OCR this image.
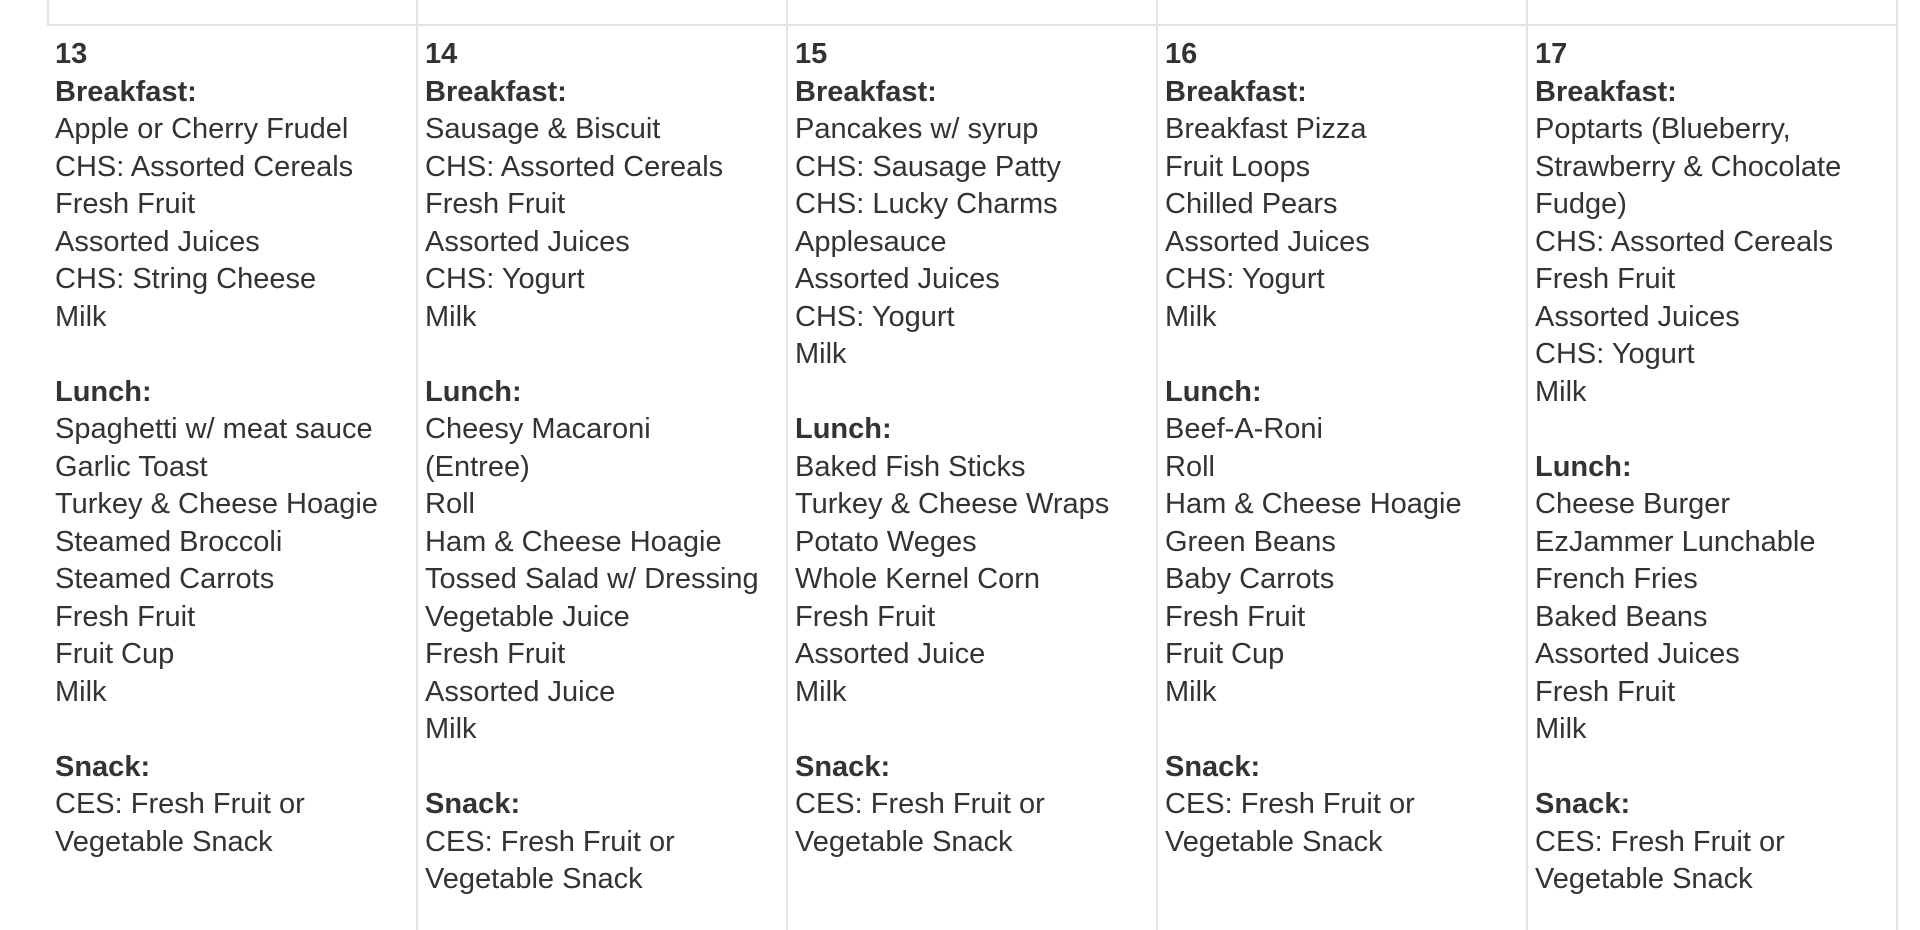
13
Breakfast:
Apple or Cherry Frudel
CHS: Assorted Cereals
Fresh Fruit
Assorted Juices
CHS: String Cheese
Milk
Lunch:
Spaghetti w/ meat sauce
Garlic Toast
Turkey & Cheese Hoagie
Steamed Broccoli
Steamed Carrots
Fresh Fruit
Fruit Cup
Milk
Snack:
CES: Fresh Fruit or Vegetable Snack
14
Breakfast:
Sausage & Biscuit
CHS: Assorted Cereals
Fresh Fruit
Assorted Juices
CHS: Yogurt
Milk
Lunch:
Cheesy Macaroni (Entree)
Roll
Ham & Cheese Hoagie
Tossed Salad w/ Dressing
Vegetable Juice
Fresh Fruit
Assorted Juice
Milk
Snack:
CES: Fresh Fruit or Vegetable Snack
15
Breakfast:
Pancakes w/ syrup
CHS: Sausage Patty
CHS: Lucky Charms
Applesauce
Assorted Juices
CHS: Yogurt
Milk
Lunch:
Baked Fish Sticks
Turkey & Cheese Wraps
Potato Weges
Whole Kernel Corn
Fresh Fruit
Assorted Juice
Milk
Snack:
CES: Fresh Fruit or Vegetable Snack
16
Breakfast:
Breakfast Pizza
Fruit Loops
Chilled Pears
Assorted Juices
CHS: Yogurt
Milk
Lunch:
Beef-A-Roni
Roll
Ham & Cheese Hoagie
Green Beans
Baby Carrots
Fresh Fruit
Fruit Cup
Milk
Snack:
CES: Fresh Fruit or Vegetable Snack
17
Breakfast:
Poptarts (Blueberry, Strawberry & Chocolate Fudge)
CHS: Assorted Cereals
Fresh Fruit
Assorted Juices
CHS: Yogurt
Milk
Lunch:
Cheese Burger
EzJammer Lunchable
French Fries
Baked Beans
Assorted Juices
Fresh Fruit
Milk
Snack:
CES: Fresh Fruit or Vegetable Snack
